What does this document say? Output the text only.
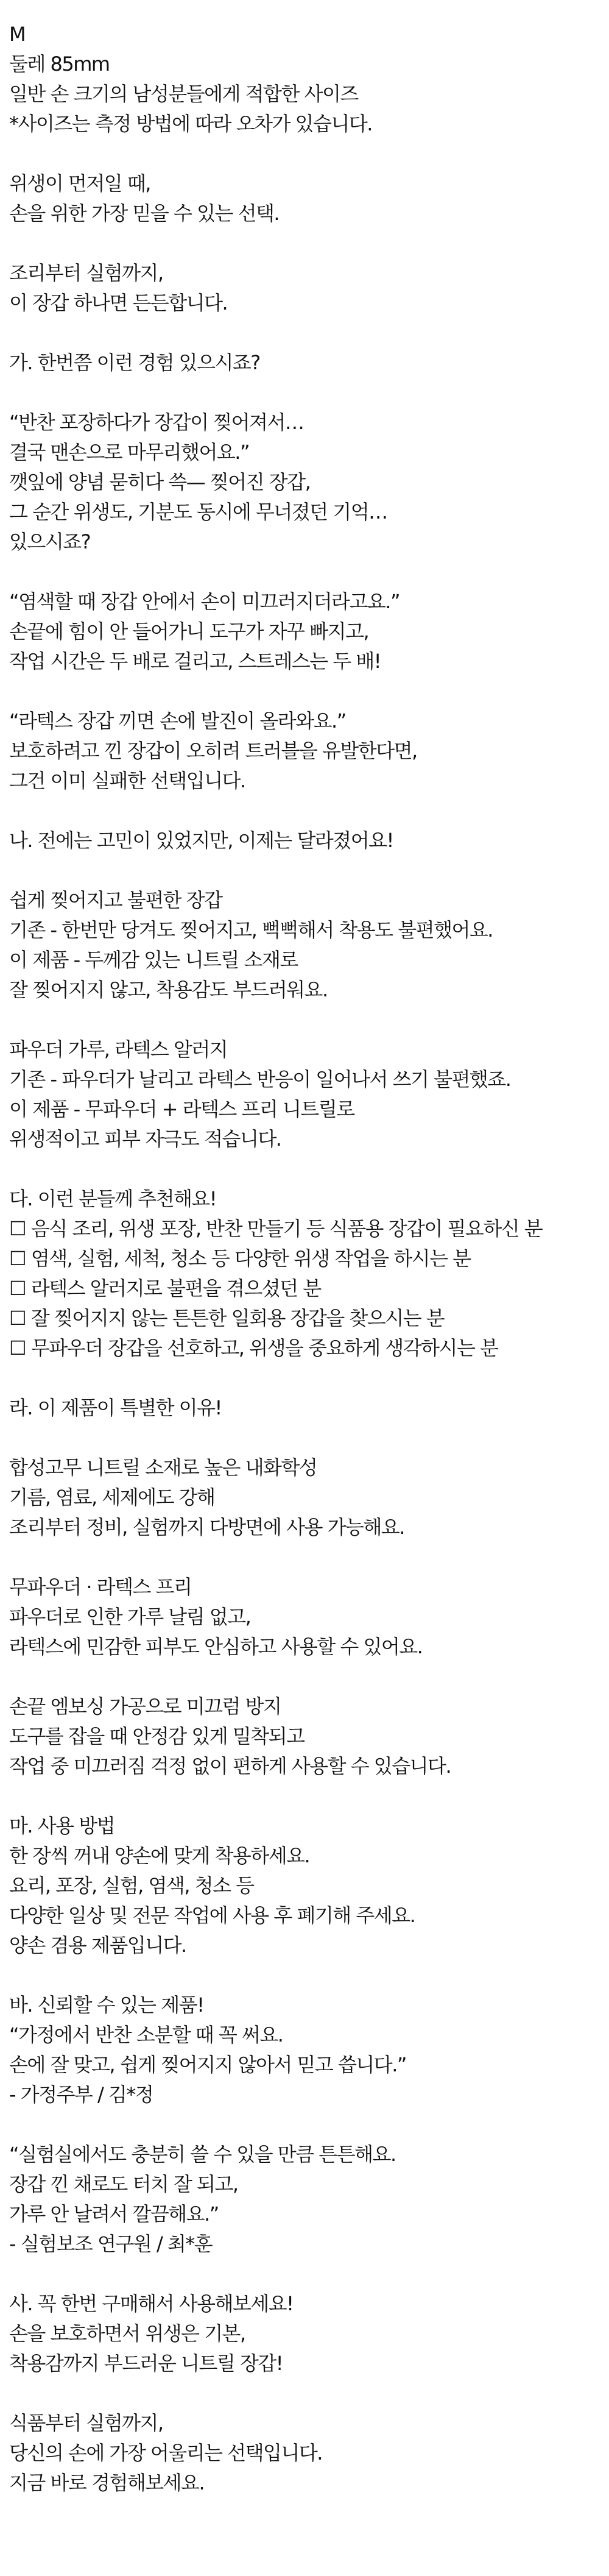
M
둘레 85mm
일반 손 크기의 남성분들에게 적합한 사이즈
*사이즈는 측정 방법에 따라 오차가 있습니다.
위생이 먼저일 때,
손을 위한 가장 믿을 수 있는 선택.
조리부터 실험까지,
이 장갑 하나면 든든합니다.
가. 한번쯤 이런 경험 있으시죠?
“반찬 포장하다가 장갑이 찢어져서…
결국 맨손으로 마무리했어요.”
깻잎에 양념 묻히다 쓱— 찢어진 장갑,
그 순간 위생도, 기분도 동시에 무너졌던 기억…
있으시죠?
“염색할 때 장갑 안에서 손이 미끄러지더라고요.”
손끝에 힘이 안 들어가니 도구가 자꾸 빠지고,
작업 시간은 두 배로 걸리고, 스트레스는 두 배!
“라텍스 장갑 끼면 손에 발진이 올라와요.”
보호하려고 낀 장갑이 오히려 트러블을 유발한다면,
그건 이미 실패한 선택입니다.
나. 전에는 고민이 있었지만, 이제는 달라졌어요!
쉽게 찢어지고 불편한 장갑
기존 - 한번만 당겨도 찢어지고, 뻑뻑해서 착용도 불편했어요.
이 제품 - 두께감 있는 니트릴 소재로
잘 찢어지지 않고, 착용감도 부드러워요.
파우더 가루, 라텍스 알러지
기존 - 파우더가 날리고 라텍스 반응이 일어나서 쓰기 불편했죠.
이 제품 - 무파우더 + 라텍스 프리 니트릴로
위생적이고 피부 자극도 적습니다.
다. 이런 분들께 추천해요!
☐ 음식 조리, 위생 포장, 반찬 만들기 등 식품용 장갑이 필요하신 분
☐ 염색, 실험, 세척, 청소 등 다양한 위생 작업을 하시는 분
☐ 라텍스 알러지로 불편을 겪으셨던 분
☐ 잘 찢어지지 않는 튼튼한 일회용 장갑을 찾으시는 분
☐ 무파우더 장갑을 선호하고, 위생을 중요하게 생각하시는 분
라. 이 제품이 특별한 이유!
합성고무 니트릴 소재로 높은 내화학성
기름, 염료, 세제에도 강해
조리부터 정비, 실험까지 다방면에 사용 가능해요.
무파우더 · 라텍스 프리
파우더로 인한 가루 날림 없고,
라텍스에 민감한 피부도 안심하고 사용할 수 있어요.
손끝 엠보싱 가공으로 미끄럼 방지
도구를 잡을 때 안정감 있게 밀착되고
작업 중 미끄러짐 걱정 없이 편하게 사용할 수 있습니다.
마. 사용 방법
한 장씩 꺼내 양손에 맞게 착용하세요.
요리, 포장, 실험, 염색, 청소 등
다양한 일상 및 전문 작업에 사용 후 폐기해 주세요.
양손 겸용 제품입니다.
바. 신뢰할 수 있는 제품!
“가정에서 반찬 소분할 때 꼭 써요.
손에 잘 맞고, 쉽게 찢어지지 않아서 믿고 씁니다.”
- 가정주부 / 김*정
“실험실에서도 충분히 쓸 수 있을 만큼 튼튼해요.
장갑 낀 채로도 터치 잘 되고,
가루 안 날려서 깔끔해요.”
- 실험보조 연구원 / 최*훈
사. 꼭 한번 구매해서 사용해보세요!
손을 보호하면서 위생은 기본,
착용감까지 부드러운 니트릴 장갑!
식품부터 실험까지,
당신의 손에 가장 어울리는 선택입니다.
지금 바로 경험해보세요.
